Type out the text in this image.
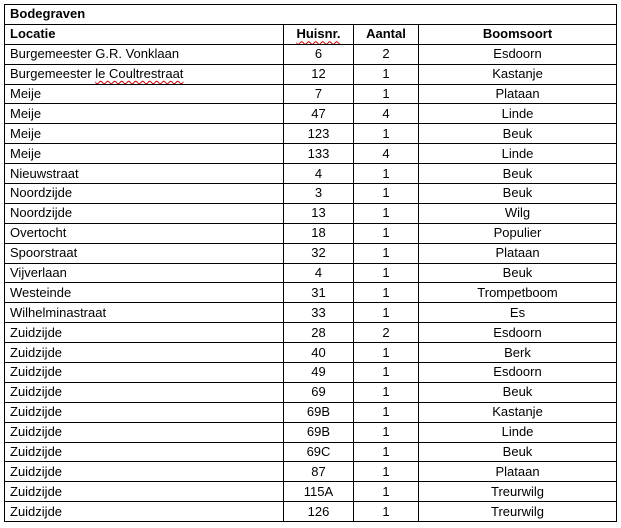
Bodegraven			
Locatie	Huisnr.	Aantal	Boomsoort
Burgemeester G.R. Vonklaan	6	2	Esdoorn
Burgemeester le Coultrestraat	12	1	Kastanje
Meije	7	1	Plataan
Meije	47	4	Linde
Meije	123	1	Beuk
Meije	133	4	Linde
Nieuwstraat	4	1	Beuk
Noordzijde	3	1	Beuk
Noordzijde	13	1	Wilg
Overtocht	18	1	Populier
Spoorstraat	32	1	Plataan
Vijverlaan	4	1	Beuk
Westeinde	31	1	Trompetboom
Wilhelminastraat	33	1	Es
Zuidzijde	28	2	Esdoorn
Zuidzijde	40	1	Berk
Zuidzijde	49	1	Esdoorn
Zuidzijde	69	1	Beuk
Zuidzijde	69B	1	Kastanje
Zuidzijde	69B	1	Linde
Zuidzijde	69C	1	Beuk
Zuidzijde	87	1	Plataan
Zuidzijde	115A	1	Treurwilg
Zuidzijde	126	1	Treurwilg
